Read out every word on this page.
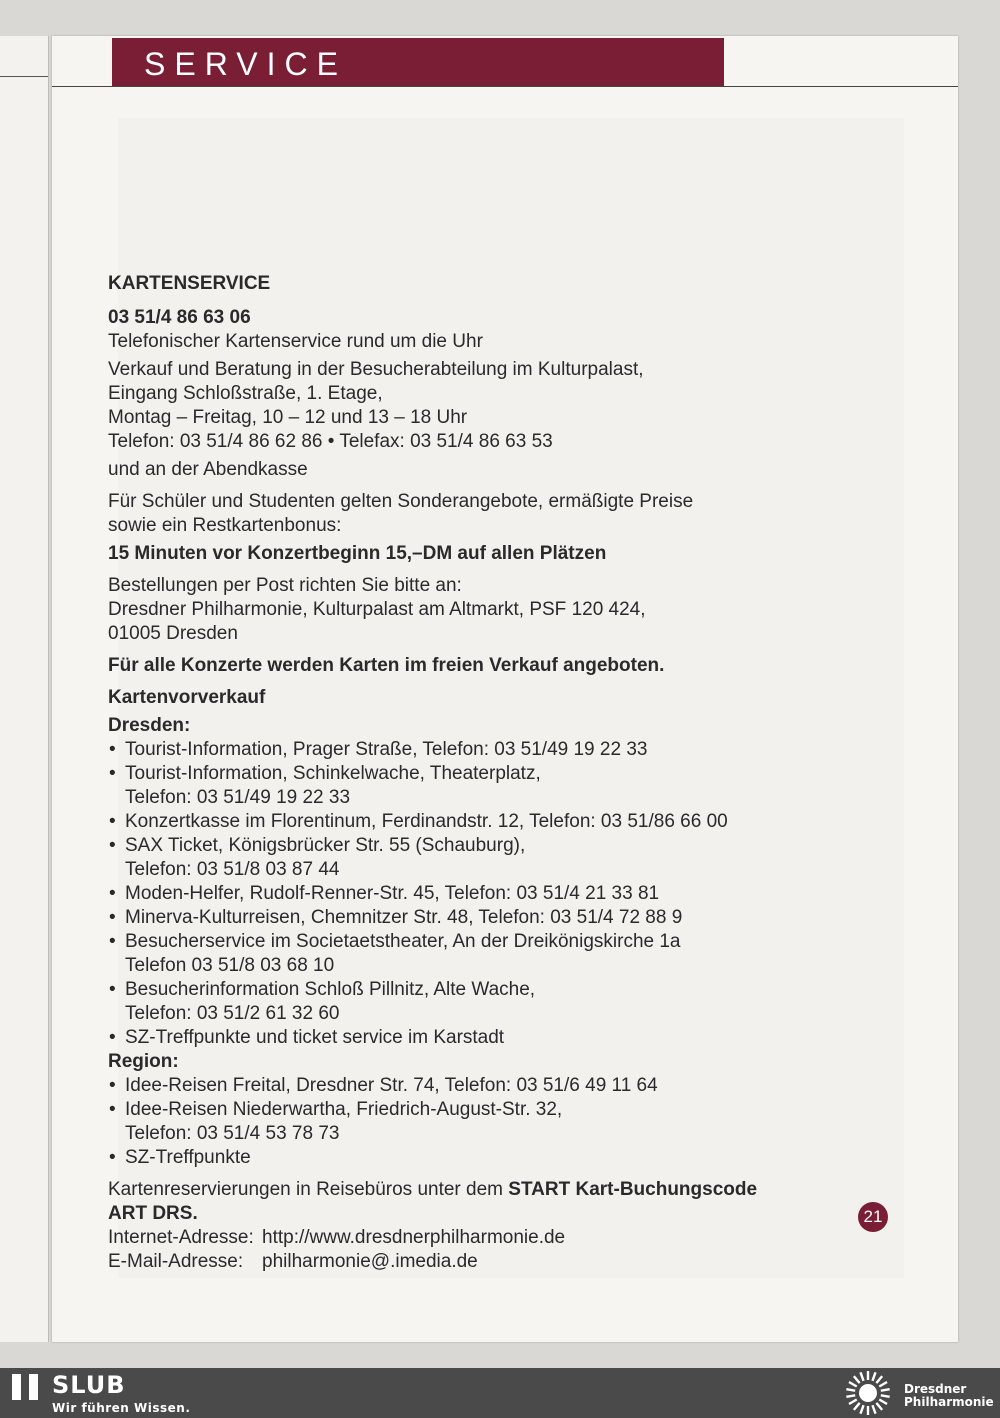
SERVICE

KARTENSERVICE

03 51/4 86 63 06

Telefonischer Kartenservice rund um die Uhr

Verkauf und Beratung in der Besucherabteilung im Kulturpalast,

Eingang Schloßstraße, 1. Etage,

Montag – Freitag, 10 – 12 und 13 – 18 Uhr

Telefon: 03 51/4 86 62 86 • Telefax: 03 51/4 86 63 53

und an der Abendkasse

Für Schüler und Studenten gelten Sonderangebote, ermäßigte Preise

sowie ein Restkartenbonus:

15 Minuten vor Konzertbeginn 15,–DM auf allen Plätzen

Bestellungen per Post richten Sie bitte an:

Dresdner Philharmonie, Kulturpalast am Altmarkt, PSF 120 424,

01005 Dresden

Für alle Konzerte werden Karten im freien Verkauf angeboten.

Kartenvorverkauf

Dresden:

• Tourist-Information, Prager Straße, Telefon: 03 51/49 19 22 33
• Tourist-Information, Schinkelwache, Theaterplatz,
Telefon: 03 51/49 19 22 33
• Konzertkasse im Florentinum, Ferdinandstr. 12, Telefon: 03 51/86 66 00
• SAX Ticket, Königsbrücker Str. 55 (Schauburg),
Telefon: 03 51/8 03 87 44
• Moden-Helfer, Rudolf-Renner-Str. 45, Telefon: 03 51/4 21 33 81
• Minerva-Kulturreisen, Chemnitzer Str. 48, Telefon: 03 51/4 72 88 9
• Besucherservice im Societaetstheater, An der Dreikönigskirche 1a
Telefon 03 51/8 03 68 10
• Besucherinformation Schloß Pillnitz, Alte Wache,
Telefon: 03 51/2 61 32 60
• SZ-Treffpunkte und ticket service im Karstadt

Region:

• Idee-Reisen Freital, Dresdner Str. 74, Telefon: 03 51/6 49 11 64
• Idee-Reisen Niederwartha, Friedrich-August-Str. 32,
Telefon: 03 51/4 53 78 73
• SZ-Treffpunkte

Kartenreservierungen in Reisebüros unter dem START Kart-Buchungscode

ART DRS.

Internet-Adresse: http://www.dresdnerphilharmonie.de
E-Mail-Adresse: philharmonie@.imedia.de
21
SLUB
Wir führen Wissen.
Dresdner
Philharmonie
